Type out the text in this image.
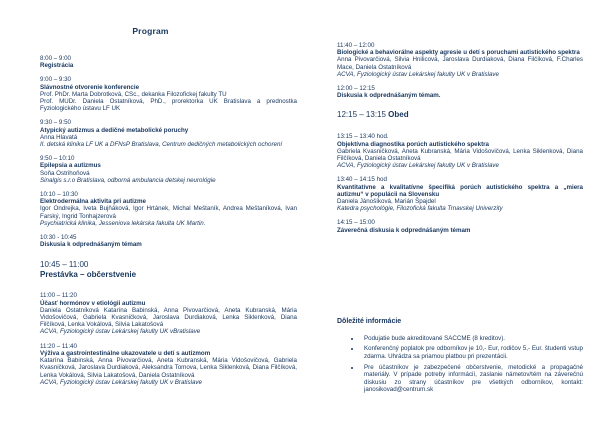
Program
8:00 – 9:00
Registrácia
9:00 – 9:30
Slávnostné otvorenie konferencie
Prof. PhDr. Marta Dobrotková, CSc., dekanka Filozofickej fakulty TU
Prof. MUDr. Daniela Ostatníková, PhD., prorektorka UK Bratislava a prednostka Fyziologického ústavu LF UK
9:30 – 9:50
Atypický autizmus a dedičné metabolické poruchy
Anna Hlavatá
II. detská klinika LF UK a DFNsP Bratislava, Centrum dedičných metabolických ochorení
9:50 – 10:10
Epilepsia a autizmus
Soňa Ostrihoňová
Sinalgis s.r.o Bratislava, odborná ambulancia detskej neurológie
10:10 – 10:30
Elektrodermálna aktivita pri autizme
Igor Ondrejka, Iveta Bujňáková, Igor Hrtánek, Michal Meštaník, Andrea Meštaníková, Ivan Farský, Ingrid Tonhajzerová
Psychiatrická klinika, Jesseniova lekárska fakulta UK Martin.
10:30 - 10:45
Diskusia k odprednášaným témam
10:45 – 11:00
Prestávka – občerstvenie
11:00 – 11:20
Účasť hormónov v etiológii autizmu
Daniela Ostatníková Katarína Babinská, Anna Pivovarčiová, Aneta Kubranská, Mária Vidošovičová, Gabriela Kvasničková, Jaroslava Durdiaková, Lenka Siklenková, Diana Filčíková, Lenka Vokálová, Silvia Lakatošová
ACVA, Fyziologický ústav Lekárskej fakulty UK vBratislave
11:20 – 11:40
Výživa a gastrointestinálne ukazovatele u detí s autizmom
Katarína Babinská, Anna Pivovarčiová, Aneta Kubranská, Mária Vidošovičová, Gabriela Kvasničková, Jaroslava Durdiaková, Aleksandra Tomova, Lenka Siklenková, Diana Filčíková, Lenka Vokálová, Silvia Lakatošová, Daniela Ostatníková
ACVA, Fyziologický ústav Lekárskej fakulty UK v Bratislave
11:40 – 12:00
Biologické a behaviorálne aspekty agresie u detí s poruchami autistického spektra
Anna Pivovarčiová, Silvia Hnilicová, Jaroslava Durdiaková, Diana Filčíková, F.Charles Mace, Daniela Ostatníková
ACVA, Fyziologický ústav Lekárskej fakulty UK v Bratislave
12:00 – 12:15
Diskusia k odprednášaným témam.
12:15 – 13:15 Obed
13:15 – 13:40 hod.
Objektívna diagnostika porúch autistického spektra
Gabriela Kvasničková, Aneta Kubranská, Mária Vidošovičová, Lenka Siklenková, Diana Filčíková, Daniela Ostatníková
ACVA, Fyziologický ústav Lekárskej fakulty UK v Bratislave
13:40 – 14:15 hod
Kvantitatívne a kvalitatívne špecifiká porúch autistického spektra a „miera autizmu“ v populácii na Slovensku
Daniela Jánošíková, Marián Špajdel
Katedra psychológie, Filozofická fakulta Trnavskej Univerzity
14:15 – 15:00
Záverečná diskusia k odprednášaným témam
Dôležité informácie
• Podujatie bude akreditované SACCME (8 kreditov).
• Konferenčný poplatok pre odborníkov je 10,- Eur, rodičov 5,- Eur. študenti vstup zdarma. Uhrádza sa priamou platbou pri prezentácii.
• Pre účastníkov je zabezpečené občerstvenie, metodické a propagačné materiály. V prípade potreby informácií, zaslanie námetov/tém na záverečnú diskusiu zo strany účastníkov pre všetkých odborníkov, kontakt: janosikovad@centrum.sk
